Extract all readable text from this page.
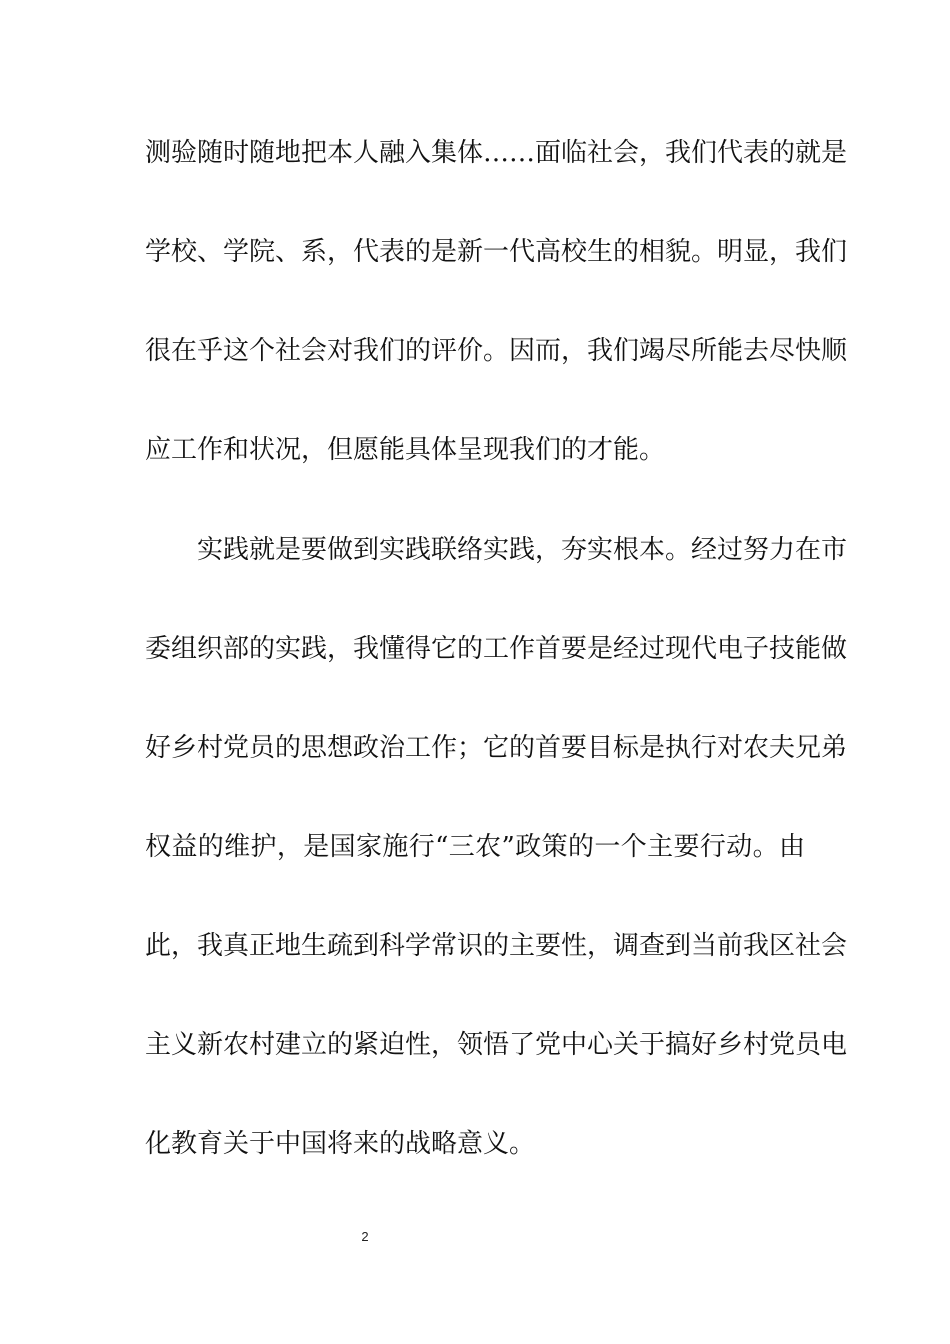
测验随时随地把本人融入集体……面临社会，我们代表的就是
学校、学院、系，代表的是新一代高校生的相貌。明显，我们
很在乎这个社会对我们的评价。因而，我们竭尽所能去尽快顺
应工作和状况，但愿能具体呈现我们的才能。
实践就是要做到实践联络实践，夯实根本。经过努力在市
委组织部的实践，我懂得它的工作首要是经过现代电子技能做
好乡村党员的思想政治工作；它的首要目标是执行对农夫兄弟
权益的维护，是国家施行“三农”政策的一个主要行动。由
此，我真正地生疏到科学常识的主要性，调查到当前我区社会
主义新农村建立的紧迫性，领悟了党中心关于搞好乡村党员电
化教育关于中国将来的战略意义。
2
